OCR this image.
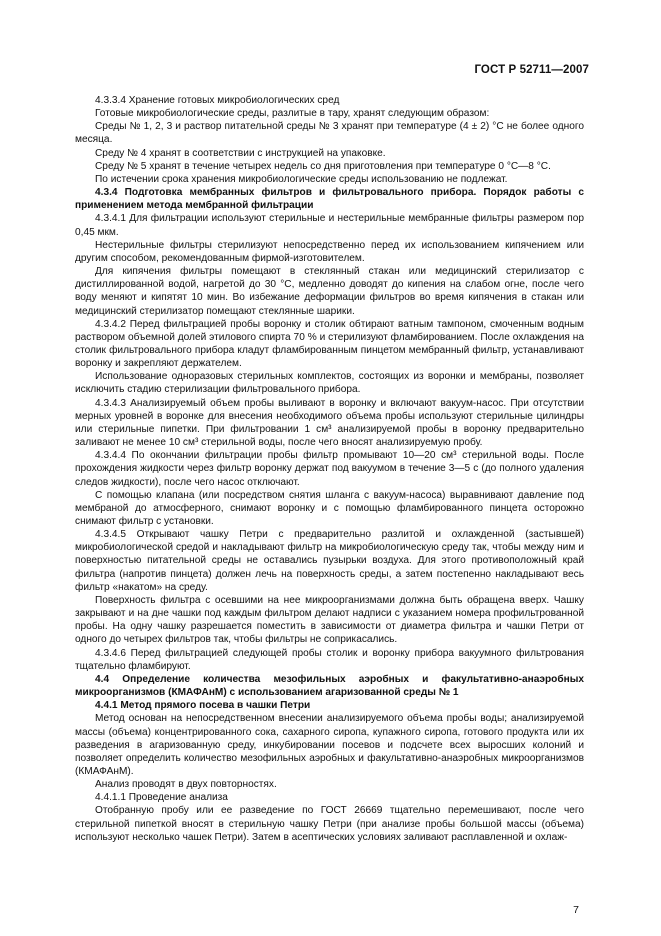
ГОСТ Р 52711—2007

4.3.3.4 Хранение готовых микробиологических сред

Готовые микробиологические среды, разлитые в тару, хранят следующим образом:

Среды № 1, 2, 3 и раствор питательной среды № 3 хранят при температуре (4 ± 2) °С не более одного месяца.

Среду № 4 хранят в соответствии с инструкцией на упаковке.

Среду № 5 хранят в течение четырех недель со дня приготовления при температуре 0 °С—8 °С.

По истечении срока хранения микробиологические среды использованию не подлежат.

4.3.4 Подготовка мембранных фильтров и фильтровального прибора. Порядок работы с применением метода мембранной фильтрации

4.3.4.1 Для фильтрации используют стерильные и нестерильные мембранные фильтры размером пор 0,45 мкм.

Нестерильные фильтры стерилизуют непосредственно перед их использованием кипячением или другим способом, рекомендованным фирмой-изготовителем.

Для кипячения фильтры помещают в стеклянный стакан или медицинский стерилизатор с дистиллированной водой, нагретой до 30 °С, медленно доводят до кипения на слабом огне, после чего воду меняют и кипятят 10 мин. Во избежание деформации фильтров во время кипячения в стакан или медицинский стерилизатор помещают стеклянные шарики.

4.3.4.2 Перед фильтрацией пробы воронку и столик обтирают ватным тампоном, смоченным водным раствором объемной долей этилового спирта 70 % и стерилизуют фламбированием. После охлаждения на столик фильтровального прибора кладут фламбированным пинцетом мембранный фильтр, устанавливают воронку и закрепляют держателем.

Использование одноразовых стерильных комплектов, состоящих из воронки и мембраны, позволяет исключить стадию стерилизации фильтровального прибора.

4.3.4.3 Анализируемый объем пробы выливают в воронку и включают вакуум-насос. При отсутствии мерных уровней в воронке для внесения необходимого объема пробы используют стерильные цилиндры или стерильные пипетки. При фильтровании 1 см³ анализируемой пробы в воронку предварительно заливают не менее 10 см³ стерильной воды, после чего вносят анализируемую пробу.

4.3.4.4 По окончании фильтрации пробы фильтр промывают 10—20 см³ стерильной воды. После прохождения жидкости через фильтр воронку держат под вакуумом в течение 3—5 с (до полного удаления следов жидкости), после чего насос отключают.

С помощью клапана (или посредством снятия шланга с вакуум-насоса) выравнивают давление под мембраной до атмосферного, снимают воронку и с помощью фламбированного пинцета осторожно снимают фильтр с установки.

4.3.4.5 Открывают чашку Петри с предварительно разлитой и охлажденной (застывшей) микробиологической средой и накладывают фильтр на микробиологическую среду так, чтобы между ним и поверхностью питательной среды не оставались пузырьки воздуха. Для этого противоположный край фильтра (напротив пинцета) должен лечь на поверхность среды, а затем постепенно накладывают весь фильтр «накатом» на среду.

Поверхность фильтра с осевшими на нее микроорганизмами должна быть обращена вверх. Чашку закрывают и на дне чашки под каждым фильтром делают надписи с указанием номера профильтрованной пробы. На одну чашку разрешается поместить в зависимости от диаметра фильтра и чашки Петри от одного до четырех фильтров так, чтобы фильтры не соприкасались.

4.3.4.6 Перед фильтрацией следующей пробы столик и воронку прибора вакуумного фильтрования тщательно фламбируют.

4.4 Определение количества мезофильных аэробных и факультативно-анаэробных микроорганизмов (КМАФАнМ) с использованием агаризованной среды № 1

4.4.1 Метод прямого посева в чашки Петри

Метод основан на непосредственном внесении анализируемого объема пробы воды; анализируемой массы (объема) концентрированного сока, сахарного сиропа, купажного сиропа, готового продукта или их разведения в агаризованную среду, инкубировании посевов и подсчете всех выросших колоний и позволяет определить количество мезофильных аэробных и факультативно-анаэробных микроорганизмов (КМАФАнМ).

Анализ проводят в двух повторностях.

4.4.1.1 Проведение анализа

Отобранную пробу или ее разведение по ГОСТ 26669 тщательно перемешивают, после чего стерильной пипеткой вносят в стерильную чашку Петри (при анализе пробы большой массы (объема) используют несколько чашек Петри). Затем в асептических условиях заливают расплавленной и охлаж-

7
